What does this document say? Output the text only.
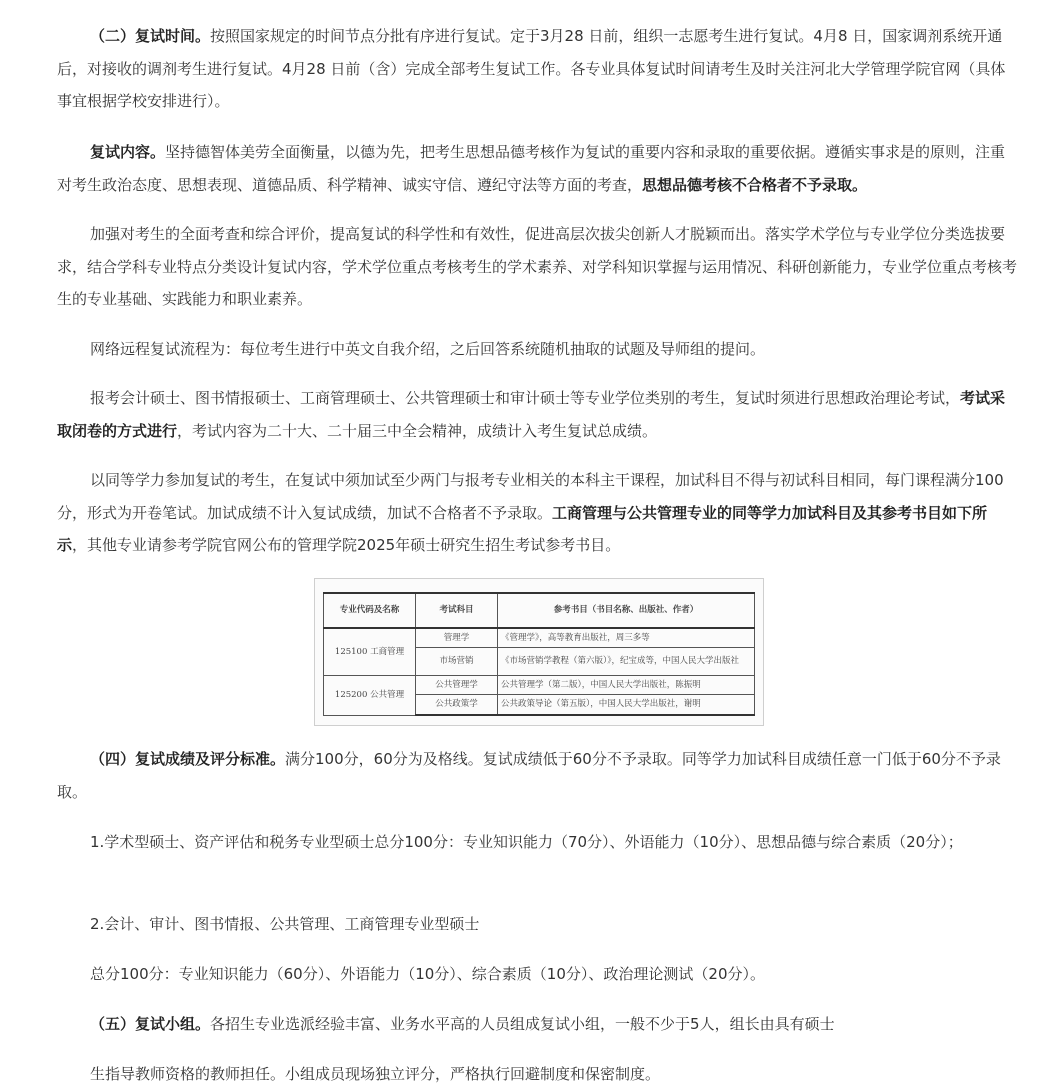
（二）复试时间。按照国家规定的时间节点分批有序进行复试。定于3月28 日前，组织一志愿考生进行复试。4月8 日，国家调剂系统开通后，对接收的调剂考生进行复试。4月28 日前（含）完成全部考生复试工作。各专业具体复试时间请考生及时关注河北大学管理学院官网（具体事宜根据学校安排进行）。

复试内容。坚持德智体美劳全面衡量，以德为先，把考生思想品德考核作为复试的重要内容和录取的重要依据。遵循实事求是的原则，注重对考生政治态度、思想表现、道德品质、科学精神、诚实守信、遵纪守法等方面的考查，思想品德考核不合格者不予录取。

加强对考生的全面考查和综合评价，提高复试的科学性和有效性，促进高层次拔尖创新人才脱颖而出。落实学术学位与专业学位分类选拔要求，结合学科专业特点分类设计复试内容，学术学位重点考核考生的学术素养、对学科知识掌握与运用情况、科研创新能力，专业学位重点考核考生的专业基础、实践能力和职业素养。

网络远程复试流程为：每位考生进行中英文自我介绍，之后回答系统随机抽取的试题及导师组的提问。

报考会计硕士、图书情报硕士、工商管理硕士、公共管理硕士和审计硕士等专业学位类别的考生，复试时须进行思想政治理论考试，考试采取闭卷的方式进行，考试内容为二十大、二十届三中全会精神，成绩计入考生复试总成绩。

以同等学力参加复试的考生，在复试中须加试至少两门与报考专业相关的本科主干课程，加试科目不得与初试科目相同，每门课程满分100分，形式为开卷笔试。加试成绩不计入复试成绩，加试不合格者不予录取。工商管理与公共管理专业的同等学力加试科目及其参考书目如下所示，其他专业请参考学院官网公布的管理学院2025年硕士研究生招生考试参考书目。

专业代码及名称	考试科目	参考书目（书目名称、出版社、作者）
125100 工商管理	管理学	《管理学》，高等教育出版社，周三多等
	市场营销	《市场营销学教程（第六版）》，纪宝成等，中国人民大学出版社
125200 公共管理	公共管理学	公共管理学（第二版），中国人民大学出版社，陈振明
	公共政策学	公共政策导论（第五版），中国人民大学出版社，谢明

（四）复试成绩及评分标准。满分100分，60分为及格线。复试成绩低于60分不予录取。同等学力加试科目成绩任意一门低于60分不予录取。

1.学术型硕士、资产评估和税务专业型硕士总分100分：专业知识能力（70分）、外语能力（10分）、思想品德与综合素质（20分）；

2.会计、审计、图书情报、公共管理、工商管理专业型硕士

总分100分：专业知识能力（60分）、外语能力（10分）、综合素质（10分）、政治理论测试（20分）。

（五）复试小组。各招生专业选派经验丰富、业务水平高的人员组成复试小组，一般不少于5人，组长由具有硕士

生指导教师资格的教师担任。小组成员现场独立评分，严格执行回避制度和保密制度。
